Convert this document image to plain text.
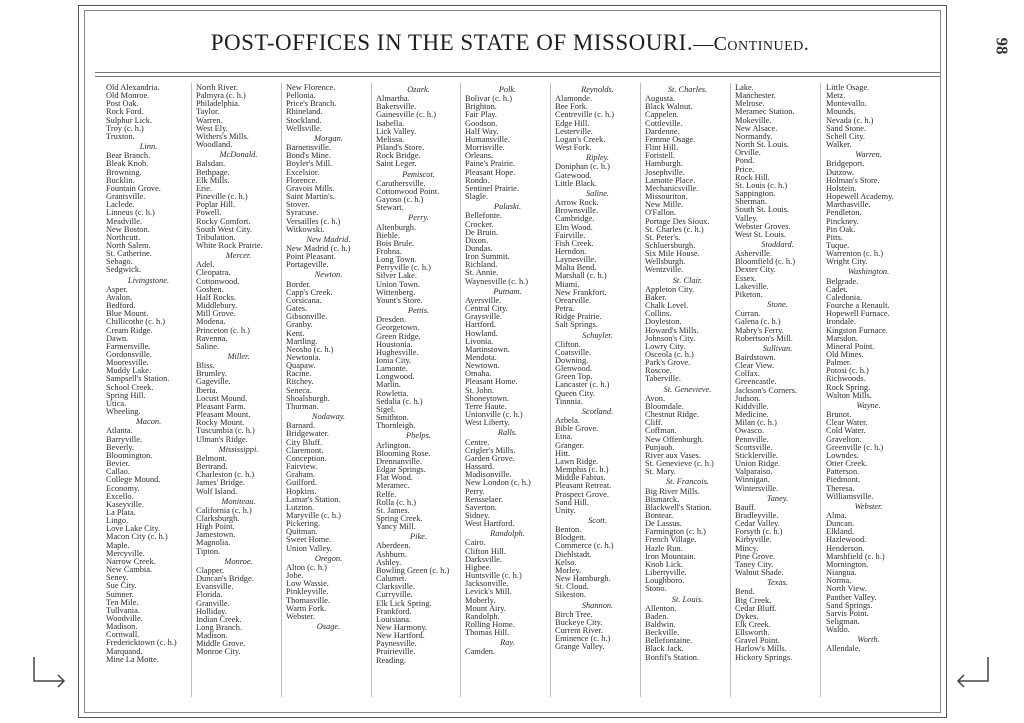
POST-OFFICES IN THE STATE OF MISSOURI.—Continued.	98
Old Alexandria.
Old Monroe.
Post Oak.
Rock Ford.
Sulphur Lick.
Troy (c. h.)
Truxton.
Linn.
Bear Branch.
Bleak Knob.
Browning.
Bucklin.
Fountain Grove.
Grantsville.
Laclede.
Linneus (c. h.)
Meadville.
New Boston.
Northcutt.
North Salem.
St. Catherine.
Sebago.
Sedgwick.
Livingstone.
Asper.
Avalon.
Bedford.
Blue Mount.
Chillicothe (c. h.)
Cream Ridge.
Dawn.
Farmersville.
Gordonsville.
Mooresville.
Muddy Lake.
Sampsell's Station.
School Creek.
Spring Hill.
Utica.
Wheeling.
Macon.
Atlanta.
Barryville.
Beverly.
Bloomington.
Bevier.
Callao.
College Mound.
Economy.
Excello.
Kaseyville.
La Plata.
Lingo.
Love Lake City.
Macon City (c. h.)
Maple.
Mercyville.
Narrow Creek.
New Cambia.
Seney.
Sue City.
Sumner.
Ten Mile.
Tullvania.
Woodville.
Madison.
Cornwall.
Fredericktown (c. h.)
Marquand.
Mine La Motte.
North River.
Palmyra (c. h.)
Philadelphia.
Taylor.
Warren.
West Ely.
Withers's Mills.
Woodland.
McDonald.
Balsdan.
Bethpage.
Elk Mills.
Erie.
Pineville (c. h.)
Poplar Hill.
Powell.
Rocky Comfort.
South West City.
Tribulation.
White Rock Prairie.
Mercer.
Adel.
Cleopatra.
Cottonwood.
Goshen.
Half Rocks.
Middlebury.
Mill Grove.
Modena.
Princeton (c. h.)
Ravenna.
Saline.
Miller.
Bliss.
Brumley.
Gageville.
Iberia.
Locust Mound.
Pleasant Farm.
Pleasant Mount.
Rocky Mount.
Tuscumbia (c. h.)
Ulman's Ridge.
Mississippi.
Belmont.
Bertrand.
Charleston (c. h.)
James' Bridge.
Wolf Island.
Moniteau.
California (c. h.)
Clarksburgh.
High Point.
Jamestown.
Magnolia.
Tipton.
Monroe.
Clapper.
Duncan's Bridge.
Evansville.
Florida.
Granville.
Holliday.
Indian Creek.
Long Branch.
Madison.
Middle Grove.
Monroe City.
New Florence.
Pellonia.
Price's Branch.
Rhineland.
Stockland.
Wellsville.
Morgan.
Barnettsville.
Bond's Mine.
Boyler's Mill.
Excelsior.
Florence.
Gravois Mills.
Saint Martin's.
Stover.
Syracuse.
Versailles (c. h.)
Witkowski.
New Madrid.
New Madrid (c. h.)
Point Pleasant.
Portageville.
Newton.
Border.
Capp's Creek.
Corsicana.
Gates.
Gibsonville.
Granby.
Kent.
Martling.
Neosho (c. h.)
Newtonia.
Quapaw.
Racine.
Ritchey.
Seneca.
Shoalsburgh.
Thurman.
Nodaway.
Barnard.
Bridgewater.
City Bluff.
Claremont.
Conception.
Fairview.
Graham.
Guilford.
Hopkins.
Lamar's Station.
Lutzton.
Maryville (c. h.)
Pickering.
Quitman.
Sweet Home.
Union Valley.
Oregon.
Alton (c. h.)
Jobe.
Low Wassie.
Pinkleyville.
Thomasville.
Warm Fork.
Webster.
Osage.
Ozark.
Almartha.
Bakersville.
Gainesville (c. h.)
Isabella.
Lick Valley.
Melissa.
Piland's Store.
Rock Bridge.
Saint Leger.
Pemiscot.
Caruthersville.
Cottonwood Point.
Gayoso (c. h.)
Stewart.
Perry.
Altenburgh.
Biehle.
Bois Brule.
Frohna.
Long Town.
Perryville (c. h.)
Silver Lake.
Union Town.
Wittenberg.
Yount's Store.
Pettis.
Dresden.
Georgetown.
Green Ridge.
Houstonia.
Hughesville.
Ionia City.
Lamonte.
Longwood.
Marlin.
Rowletta.
Sedalia (c. h.)
Sigel.
Smithton.
Thornleigh.
Phelps.
Arlington.
Blooming Rose.
Drennanville.
Edgar Springs.
Flat Wood.
Meramec.
Relfe.
Rolla (c. h.)
St. James.
Spring Creek.
Yancy Mill.
Pike.
Aberdeen.
Ashburn.
Ashley.
Bowling Green (c. h.)
Calumet.
Clarksville.
Curryville.
Elk Lick Spring.
Frankford.
Louisiana.
New Harmony.
New Hartford.
Paynesville.
Prairieville.
Reading.
Polk.
Bolivar (c. h.)
Brighton.
Fair Play.
Goodson.
Half Way.
Humansville.
Morrisville.
Orleans.
Paine's Prairie.
Pleasant Hope.
Rondo.
Sentinel Prairie.
Slagle.
Pulaski.
Bellefonte.
Crocker.
De Bruin.
Dixon.
Dundas.
Iron Summit.
Richland.
St. Annie.
Waynesville (c. h.)
Putnam.
Ayersville.
Central City.
Graysville.
Hartford.
Howland.
Livonia.
Martinstown.
Mendota.
Newtown.
Omaha.
Pleasant Home.
St. John.
Shoneytown.
Terre Haute.
Unionville (c. h.)
West Liberty.
Ralls.
Centre.
Crigler's Mills.
Garden Grove.
Hassard.
Madisonville.
New London (c. h.)
Perry.
Rensselaer.
Saverton.
Sidney.
West Hartford.
Randolph.
Cairo.
Clifton Hill.
Darksville.
Higbee.
Huntsville (c. h.)
Jacksonville.
Levick's Mill.
Moberly.
Mount Airy.
Randolph.
Rolling Home.
Thomas Hill.
Ray.
Camden.
Reynolds.
Alamonde.
Bee Fork.
Centreville (c. h.)
Edge Hill.
Lesterville.
Logan's Creek.
West Fork.
Ripley.
Doniphan (c. h.)
Gatewood.
Little Black.
Saline.
Arrow Rock.
Brownsville.
Cambridge.
Elm Wood.
Fairville.
Fish Creek.
Herndon.
Laynesville.
Malta Bend.
Marshall (c. h.)
Miami.
New Frankfort.
Orearville.
Petra.
Ridge Prairie.
Salt Springs.
Schuyler.
Clifton.
Coatsville.
Downing.
Glenwood.
Green Top.
Lancaster (c. h.)
Queen City.
Tinnnia.
Scotland.
Arbela.
Bible Grove.
Etna.
Granger.
Hitt.
Lawn Ridge.
Memphis (c. h.)
Middle Fabius.
Pleasant Retreat.
Prospect Grove.
Sand Hill.
Unity.
Scott.
Benton.
Blodgett.
Commerce (c. h.)
Diehlstadt.
Kelso.
Morley.
New Hamburgh.
St. Cloud.
Sikeston.
Shannon.
Birch Tree.
Buckeye City.
Current River.
Eminence (c. h.)
Grange Valley.
St. Charles.
Augusta.
Black Walnut.
Cappelen.
Cottleville.
Dardenne.
Femme Osage.
Flint Hill.
Foristell.
Hamburgh.
Josephville.
Lamotte Place.
Mechanicsville.
Missouriton.
New Mille.
O'Fallon.
Portage Des Sioux.
St. Charles (c. h.)
St. Peter's.
Schluersburgh.
Six Mile House.
Wellsburgh.
Wentzville.
St. Clair.
Appleton City.
Baker.
Chalk Level.
Collins.
Doyleston.
Howard's Mills.
Johnson's City.
Lowry City.
Osceola (c. h.)
Park's Grove.
Roscoe.
Taberville.
St. Genevieve.
Avon.
Bloomdale.
Chestnut Ridge.
Cliff.
Coffman.
New Offenburgh.
Punjaub.
River aux Vases.
St. Genevieve (c. h.)
St. Mary.
St. Francois.
Big River Mills.
Bismarck.
Blackwell's Station.
Bontear.
De Lassus.
Farmington (c. h.)
French Village.
Hazle Run.
Iron Mountain.
Knob Lick.
Libertyville.
Loughboro.
Stono.
St. Louis.
Allenton.
Baden.
Baldwin.
Beckville.
Bellefontaine.
Black Jack.
Bonfil's Station.
Lake.
Manchester.
Melrose.
Meramec Station.
Mokeville.
New Alsace.
Normandy.
North St. Louis.
Orville.
Pond.
Price.
Rock Hill.
St. Louis (c. h.)
Sappington.
Sherman.
South St. Louis.
Valley.
Webster Groves.
West St. Louis.
Stoddard.
Asherville.
Bloomfield (c. h.)
Dexter City.
Essex.
Lakeville.
Piketon.
Stone.
Curran.
Galena (c. h.)
Mabry's Ferry.
Robertson's Mill.
Sullivan.
Bairdstown.
Clear View.
Colfax.
Greencastle.
Jackson's Corners.
Judson.
Kiddville.
Medicine.
Milan (c. h.)
Owasco.
Pennville.
Scottsville.
Sticklerville.
Union Ridge.
Valparaiso.
Winnigan.
Wintersville.
Taney.
Bauff.
Bradleyville.
Cedar Valley.
Forsyth (c. h.)
Kirbyville.
Mincy.
Pine Grove.
Taney City.
Walnut Shade.
Texas.
Bend.
Big Creek.
Cedar Bluff.
Dykes.
Elk Creek.
Ellsworth.
Gravel Point.
Harlow's Mills.
Hickory Springs.
Little Osage.
Metz.
Montevallo.
Mounds.
Nevada (c. h.)
Sand Stone.
Schell City.
Walker.
Warren.
Bridgeport.
Dutzow.
Holman's Store.
Holstein.
Hopewell Academy.
Marthasville.
Pendleton.
Pinckney.
Pin Oak.
Pitts.
Tuque.
Warrenton (c. h.)
Wright City.
Washington.
Belgrade.
Cadet.
Caledonia.
Fourche a Renault.
Hopewell Furnace.
Irondale.
Kingston Furnace.
Marsdon.
Mineral Point.
Old Mines.
Palmer.
Potosi (c. h.)
Richwoods.
Rock Spring.
Walton Mills.
Wayne.
Brunot.
Clear Water.
Cold Water.
Gravelton.
Greenville (c. h.)
Lowndes.
Otter Creek.
Patterson.
Piedmont.
Theresa.
Williamsville.
Webster.
Alma.
Duncan.
Elkland.
Hazlewood.
Henderson.
Marshfield (c. h.)
Mornington.
Niangua.
Norma.
North View.
Panther Valley.
Sand Springs.
Sarvis Point.
Seligman.
Waldo.
Worth.
Allendale.
